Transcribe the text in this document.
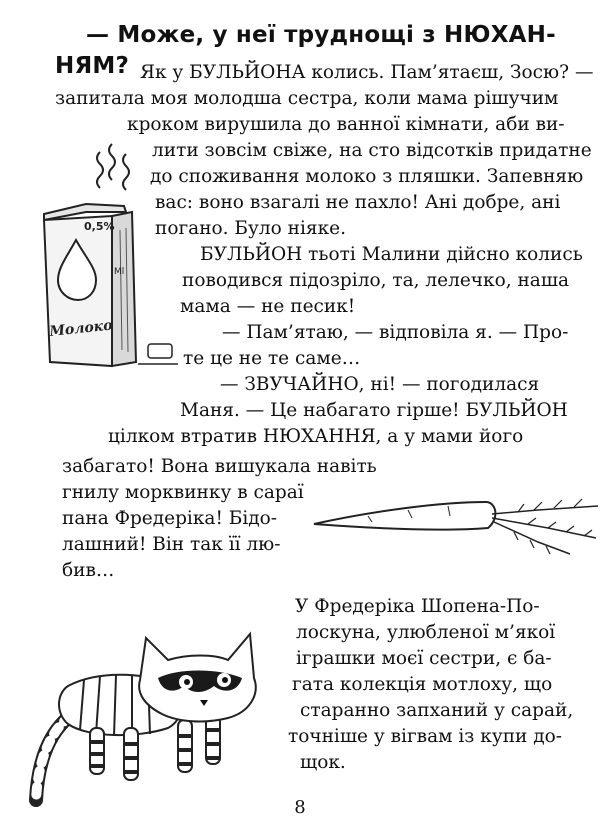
— Може, у неї труднощі з НЮХАН-
НЯМ? Як у БУЛЬЙОНА колись. Пам’ятаєш, Зосю? —
запитала моя молодша сестра, коли мама рішучим
кроком вирушила до ванної кімнати, аби ви-
лити зовсім свіже, на сто відсотків придатне
до споживання молоко з пляшки. Запевняю
вас: воно взагалі не пахло! Ані добре, ані
погано. Було ніяке.
БУЛЬЙОН тьоті Малини дійсно колись
поводився підозріло, та, лелечко, наша
мама — не песик!
— Пам’ятаю, — відповіла я. — Про-
те це не те саме…
— ЗВУЧАЙНО, ні! — погодилася
Маня. — Це набагато гірше! БУЛЬЙОН
цілком втратив НЮХАННЯ, а у мами його
забагато! Вона вишукала навіть
гнилу морквинку в сараї
пана Фредеріка! Бідо-
лашний! Він так її лю-
бив…
У Фредеріка Шопена-По-
лоскуна, улюбленої м’якої
іграшки моєї сестри, є ба-
гата колекція мотлоху, що
старанно запханий у сарай,
точніше у вігвам із купи до-
щок.
8
0,5%
Ml
Молоко
